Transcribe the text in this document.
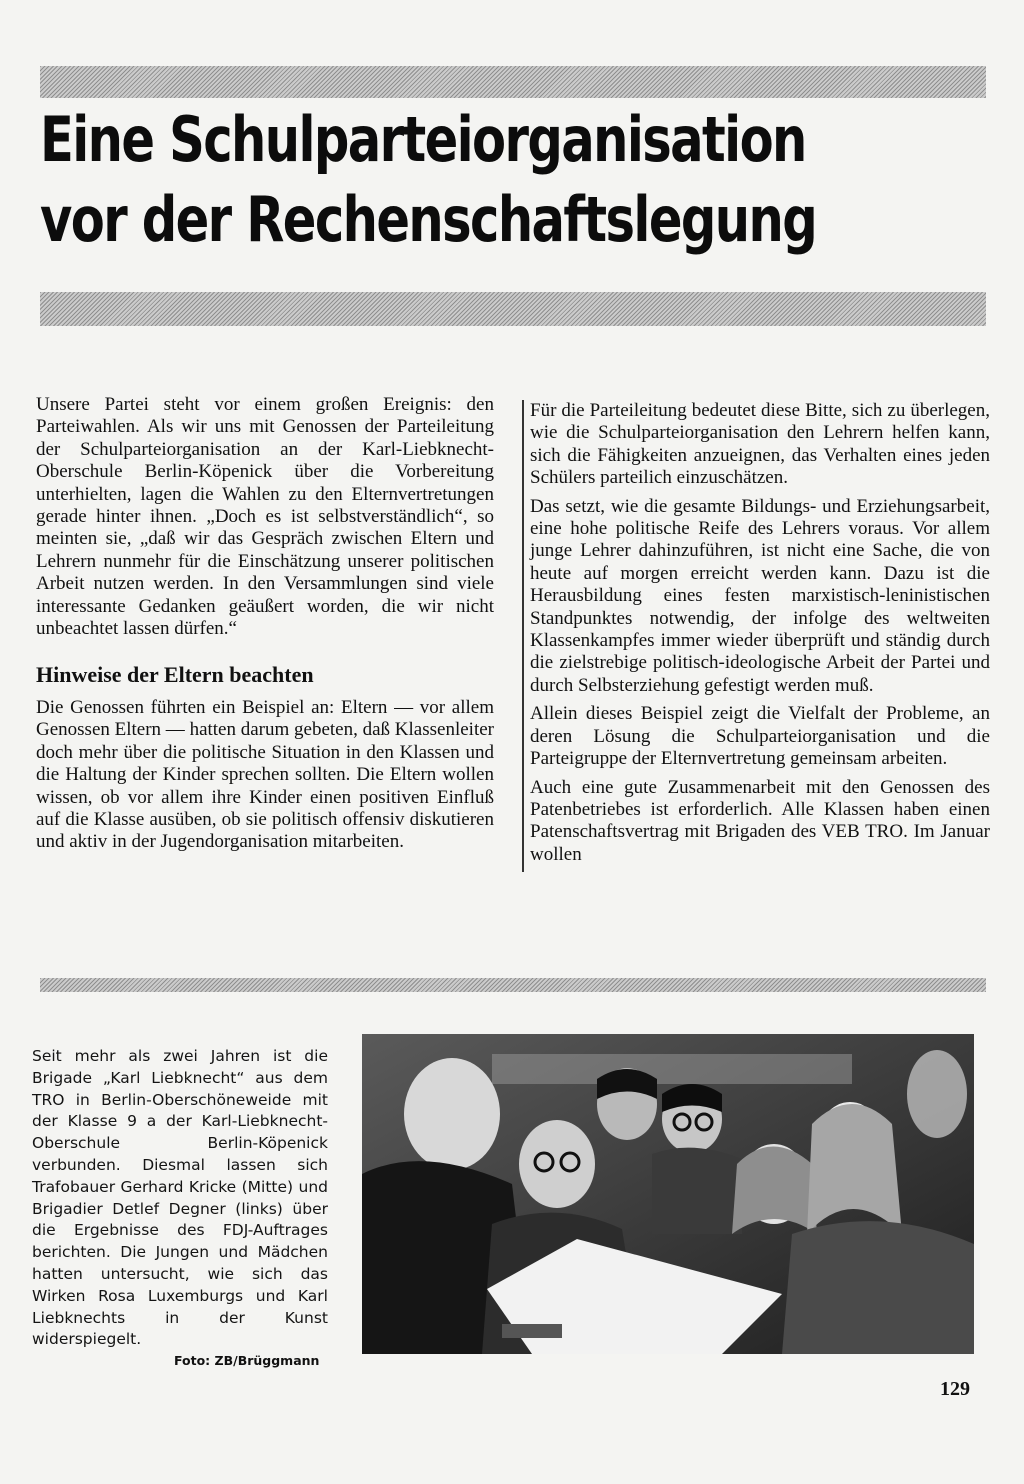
Eine Schulparteiorganisation
vor der Rechenschaftslegung

Unsere Partei steht vor einem großen Ereignis: den Parteiwahlen. Als wir uns mit Genossen der Parteileitung der Schulparteiorganisation an der Karl-Liebknecht-Oberschule Berlin-Köpenick über die Vorbereitung unterhielten, lagen die Wahlen zu den Elternvertretungen gerade hinter ihnen. „Doch es ist selbstverständlich“, so meinten sie, „daß wir das Gespräch zwischen Eltern und Lehrern nunmehr für die Einschätzung unserer politischen Arbeit nutzen werden. In den Versammlungen sind viele interessante Gedanken geäußert worden, die wir nicht unbeachtet lassen dürfen.“

Hinweise der Eltern beachten

Die Genossen führten ein Beispiel an: Eltern — vor allem Genossen Eltern — hatten darum gebeten, daß Klassenleiter doch mehr über die politische Situation in den Klassen und die Haltung der Kinder sprechen sollten. Die Eltern wollen wissen, ob vor allem ihre Kinder einen positiven Einfluß auf die Klasse ausüben, ob sie politisch offensiv diskutieren und aktiv in der Jugendorganisation mitarbeiten.

Für die Parteileitung bedeutet diese Bitte, sich zu überlegen, wie die Schulparteiorganisation den Lehrern helfen kann, sich die Fähigkeiten anzueignen, das Verhalten eines jeden Schülers parteilich einzuschätzen.

Das setzt, wie die gesamte Bildungs- und Erziehungsarbeit, eine hohe politische Reife des Lehrers voraus. Vor allem junge Lehrer dahinzuführen, ist nicht eine Sache, die von heute auf morgen erreicht werden kann. Dazu ist die Herausbildung eines festen marxistisch-leninistischen Standpunktes notwendig, der infolge des weltweiten Klassenkampfes immer wieder überprüft und ständig durch die zielstrebige politisch-ideologische Arbeit der Partei und durch Selbsterziehung gefestigt werden muß.

Allein dieses Beispiel zeigt die Vielfalt der Probleme, an deren Lösung die Schulparteiorganisation und die Parteigruppe der Elternvertretung gemeinsam arbeiten.

Auch eine gute Zusammenarbeit mit den Genossen des Patenbetriebes ist erforderlich. Alle Klassen haben einen Patenschaftsvertrag mit Brigaden des VEB TRO. Im Januar wollen

Seit mehr als zwei Jahren ist die Brigade „Karl Liebknecht“ aus dem TRO in Berlin-Oberschöneweide mit der Klasse 9 a der Karl-Liebknecht-Oberschule Berlin-Köpenick verbunden. Diesmal lassen sich Trafobauer Gerhard Kricke (Mitte) und Brigadier Detlef Degner (links) über die Ergebnisse des FDJ-Auftrages berichten. Die Jungen und Mädchen hatten untersucht, wie sich das Wirken Rosa Luxemburgs und Karl Liebknechts in der Kunst widerspiegelt.
Foto: ZB/Brüggmann
129
